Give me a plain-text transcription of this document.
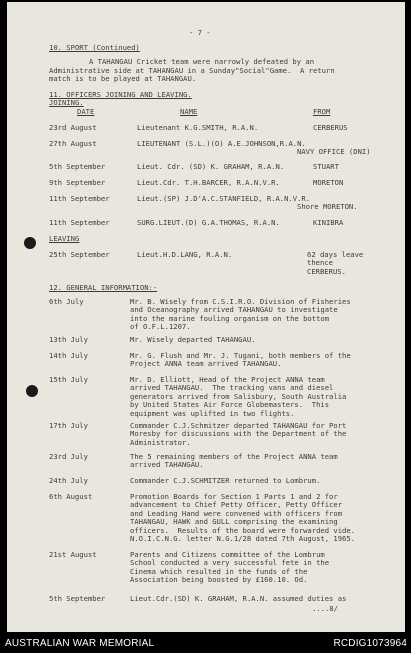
- 7 -
10. SPORT (Continued)
A TAHANGAU Cricket team were narrowly defeated by an
Administrative side at TAHANGAU in a Sunday"Social"Game.  A return
match is to be played at TAHANGAU.
11. OFFICERS JOINING AND LEAVING.
JOINING.
DATE	NAME	FROM
23rd August	Lieutenant K.G.SMITH, R.A.N.	CERBERUS
27th August	LIEUTENANT (S.L.)(O) A.E.JOHNSON,R.A.N.
NAVY OFFICE (DNI)
5th September	Lieut. Cdr. (SD) K. GRAHAM, R.A.N.	STUART
9th September	Lieut.Cdr. T.H.BARCER, R.A.N.V.R.	MORETON
11th September	Lieut.(SP) J.D'A.C.STANFIELD, R.A.N.V.R.
Shore MORETON.
11th September	SURG.LIEUT.(D) G.A.THOMAS, R.A.N.	KINIBRA
LEAVING
25th September	Lieut.H.D.LANG, R.A.N.	62 days leave
thence
CERBERUS.
12. GENERAL INFORMATION:-
6th July	Mr. B. Wisely from C.S.I.R.O. Division of Fisheries
and Oceanography arrived TAHANGAU to investigate
into the marine fouling organism on the bottom
of O.F.L.1207.
13th July	Mr. Wisely departed TAHANGAU.
14th July	Mr. G. Flush and Mr. J. Tugani, both members of the
Project ANNA team arrived TAHANGAU.
15th July	Mr. D. Elliott, Head of the Project ANNA team
arrived TAHANGAU.  The tracking vans and diesel
generators arrived from Salisbury, South Australia
by United States Air Force Globemasters.  This
equipment was uplifted in two flights.
17th July	Commander C.J.Schmitzer departed TAHANGAU for Port
Moresby for discussions with the Department of the
Administrator.
23rd July	The 5 remaining members of the Project ANNA team
arrived TAHANGAU.
24th July	Commander C.J.SCHMITZER returned to Lombrum.
6th August	Promotion Boards for Section 1 Parts 1 and 2 for
advancement to Chief Petty Officer, Petty Officer
and Leading Hand were convened with officers from
TAHANGAU, HAWK and GULL comprising the examining
officers.  Results of the board were forwarded vide.
N.O.I.C.N.G. letter N.G.1/28 dated 7th August, 1965.
21st August	Parents and Citizens committee of the Lombrum
School conducted a very successful fete in the
Cinema which resulted in the funds of the
Association being boosted by £160.10. Od.
5th September	Lieut.Cdr.(SD) K. GRAHAM, R.A.N. assumed duties as
....8/
AUSTRALIAN WAR MEMORIAL	RCDIG1073964
